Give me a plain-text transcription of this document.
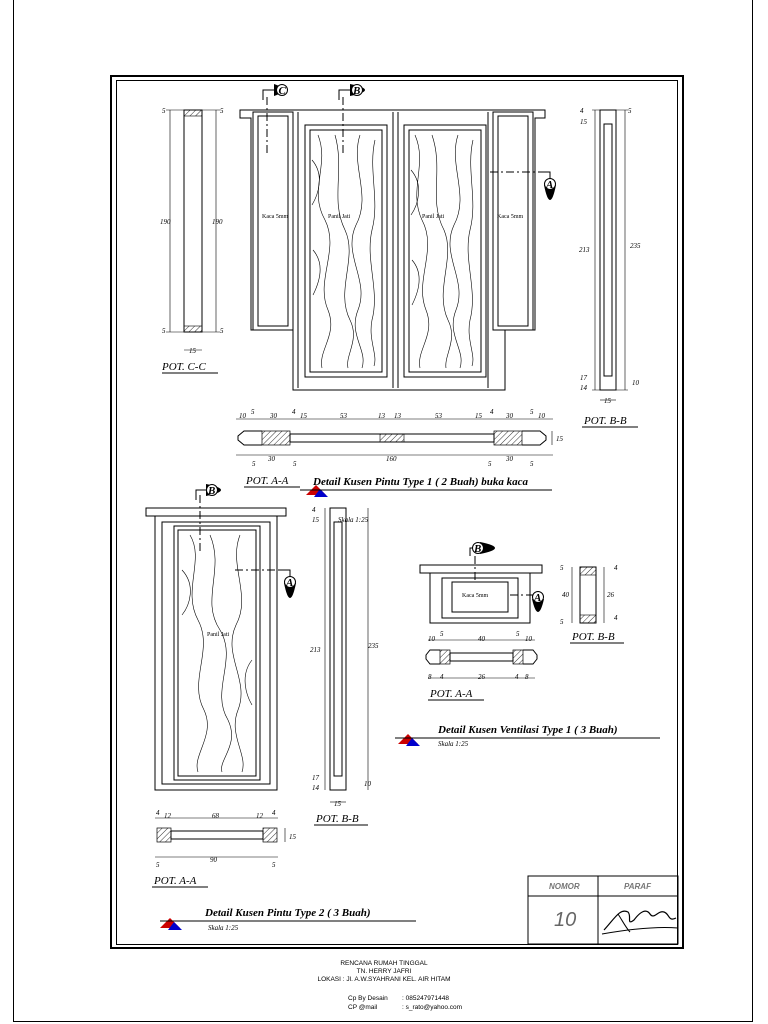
Kaca 5mm	Kaca 5mm
Panil Jati	Panil Jati
C	B
A
5	5
190	190
5	5
15
POT. C-C
4
15
5
213	235
17
14
10
15
POT. B-B
10 5 30 4 15	53	13 13	53	15 4 30 5 10
30	160	30
5	5	5	5
15
POT. A-A Detail Kusen Pintu Type 1 ( 2 Buah) buka kaca
Panil Jati
B
A
4
15	Skala 1:25
213	235
17
14	10
15
POT. B-B
4 12	68	12 4
90
5	5
15
POT. A-A
Detail Kusen Pintu Type 2 ( 3 Buah)
Skala 1:25
Kaca 5mm
B
A
5	4
40	26
4
5
POT. B-B
10
5
40
5
10
8 4	26	4 8
POT. A-A
Detail Kusen Ventilasi Type 1 ( 3 Buah)
Skala 1:25
NOMOR	PARAF
10
RENCANA RUMAH TINGGAL
TN. HERRY JAFRI
LOKASI : Jl. A.W.SYAHRANI KEL. AIR HITAM
Cp By Desain : 085247971448
CP @mail	: s_rato@yahoo.com
